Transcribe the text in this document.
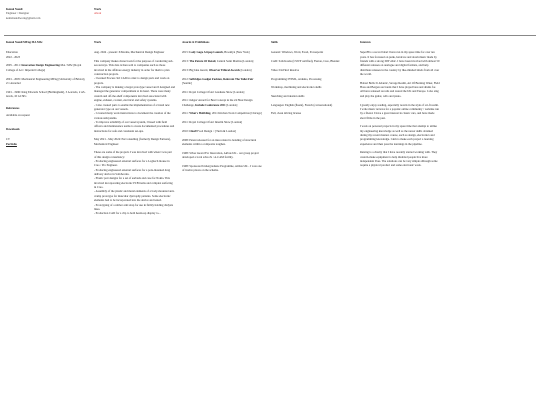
Kemal Nandi
Engineer / Designer
kemalnandiwork@gmail.com
Work
About
Kemal Nandi MEng MA MSc
Education
2022 - 2023
2005 - 2011: Innovation Design Engineering MA / MSc [Royal College of Art / Imperial College]
2001 - 2005: Mechanical Engineering MEng [University of Bristol], 2:1 Awarded
1991 - 1996: King Edwards School [Birmingham], 3 A-levels, 2 AS-levels, 10 GCSEs
References
Available on request
Downloads
CV
Portfolio
Work
Aug. 2024 - present: XXtreme, Mechanical Design Engineer
This company makes drone boats for the purpose of conducting sub-sea surveys. This data is then sold to companies such as those involved in the offshore energy industry in order for them to plan construction projects.
- I learned Process 3rd CAD in order to design parts and work on projects.
- The company is making a larger prototype vessel and I designed and managed the generator compartment at its heart. There were many custom and off-the-shelf components involved associated with engine, exhaust, coolant, electrical and safety systems.
- I also created parts to enable the implementation of a brand new generator type on our vessels.
- I created many work instructions to document the creation of the various subsystems.
- To improve reliability of our vessel system, I liased with field officers and maintenance teams to create documented procedures and instructions for safe and consistent set-ups.
May 2021 - May 2024: PA Consulting (formerly Design Partners), Mechanical Engineer
These are some of the projects I was involved with when I was part of this design consultancy:
- Producing engineered external surfaces for a Logitech mouse in Creo / Pro Engineer.
- Producing engineered external surfaces for a pole-mounted drug delivery device in Solidworks.
- Plastic part designs for a set of earbuds and case for Nokia. This involved incorporating electronic PCB items and complex surfacing in Creo.
- Assembly of the plastic and metal elements of a body-mounted anti-cramp prototype for muscular dystrophy patients. Some electronic elements had to be incorporated into the device and tested.
- Prototyping of a rubber arm strap for use in firmly holding dialysis lines.
- Production CAD for a clip to hold heads-up display to...
Awards & Exhibitions
2015: Lady Gaga Artpop Launch, Brooklyn [New York]
2013: The Future Of Retail, Central Saint Martins [London]
2013: Big Idea Award, Observer Ethical Awards [London]
2012: Selfridges Gadget Fashion, Reinvent The Toilet Fair [Seattle]
2011: Royal College Of Art Graduate Show [London]
2011: Judges' Award for Best Concept in the 24 Hour Design Challenge, Include Conference 2011 [London]
2011: What's Hubbling, 2011 Kitchen Tools Competition [Chicago]
2011: Royal College Of Art Interim Show [London]
2010: Onoff Food Design ~ [Turin & London]
2008: Patent released for an idea related to bending of structural elements within a composite toughen.
1998: Silver Award For Innovation, Airbus UK - our group project developed a local school's / A-CAM facility.
1998: Sponsored Undergraduate Programme, Airbus UK - I won one of twelve places on the scheme.
Skills
General: Windows, Word, Excel, Powerpoint
CAD: Solidworks (CSWP certified), Fusion, Creo, Blender
Video: DaVinci Resolve
Programming: HTML, Arduino, Processing
Workshop, machining and electronics skills
Sketching and ideation skills
Languages: English (fluent), French (conversational)
Full, clean driving license
Interests
SuperH is a record label I have run in my spare time for over ten years. It has focussed on punk, hardcore and doom music made by friends with a strong DIY ethic. I have been involved with almost 50 different releases on analogue and digital formats, and help distribute releases in the country by like-minded labels from all over the world.
Hobart Bells: It Atlantic, Savage Realm, Art Of Burning Water, Field Hoss and Bergen are bands that I have played bass and drums for. All have released records and toured the UK and Europe. I also sing and play the guitar, cello and piano.
I greatly enjoy reading, especially novels in the style of sci-fi realm. I write music reviews for a popular online community / webzine run by a friend. I have a great interest in classic cars, and have made short films in the past.
I work on personal projects in my spare time that attempt to utilise my engineering knowledge as well as the newer skills obtained during my recent masters course, such as design, electronics and programming knowledge. I aim to make each project a learning experience and then pass the learnings in the pipeline.
Raising is a charity that I have recently started working with. They custom-make equipment to help disabled people live more independent lives. The solutions can be very simple although some require a physical product and some electronic work.
